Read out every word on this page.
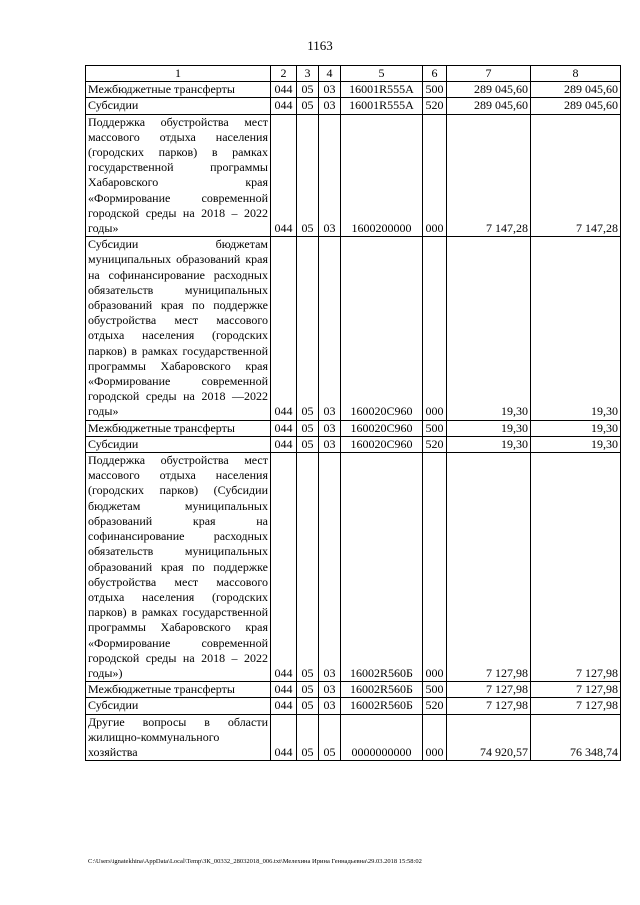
1163
1	2	3	4	5	6	7	8
Межбюджетные трансферты	044	05	03	16001R555А	500	289 045,60	289 045,60
Субсидии	044	05	03	16001R555А	520	289 045,60	289 045,60
Поддержка обустройства мест массового отдыха населения (городских парков) в рамках государственной программы Хабаровского края «Формирование современной городской среды на 2018 – 2022 годы»	044	05	03	1600200000	000	7 147,28	7 147,28
Субсидии бюджетам муниципальных образований края на софинансирование расходных обязательств муниципальных образований края по поддержке обустройства мест массового отдыха населения (городских парков) в рамках государственной программы Хабаровского края «Формирование современной городской среды на 2018 —2022 годы»	044	05	03	160020С960	000	19,30	19,30
Межбюджетные трансферты	044	05	03	160020С960	500	19,30	19,30
Субсидии	044	05	03	160020С960	520	19,30	19,30
Поддержка обустройства мест массового отдыха населения (городских парков) (Субсидии бюджетам муниципальных образований края на софинансирование расходных обязательств муниципальных образований края по поддержке обустройства мест массового отдыха населения (городских парков) в рамках государственной программы Хабаровского края «Формирование современной городской среды на 2018 – 2022 годы»)	044	05	03	16002R560Б	000	7 127,98	7 127,98
Межбюджетные трансферты	044	05	03	16002R560Б	500	7 127,98	7 127,98
Субсидии	044	05	03	16002R560Б	520	7 127,98	7 127,98
Другие вопросы в области жилищно-коммунального хозяйства	044	05	05	0000000000	000	74 920,57	76 348,74
C:\Users\ignatekhina\AppData\Local\Temp\ЗК_00332_28032018_006.txt\Мелехина Ирина Геннадьевна\29.03.2018 15:58:02
